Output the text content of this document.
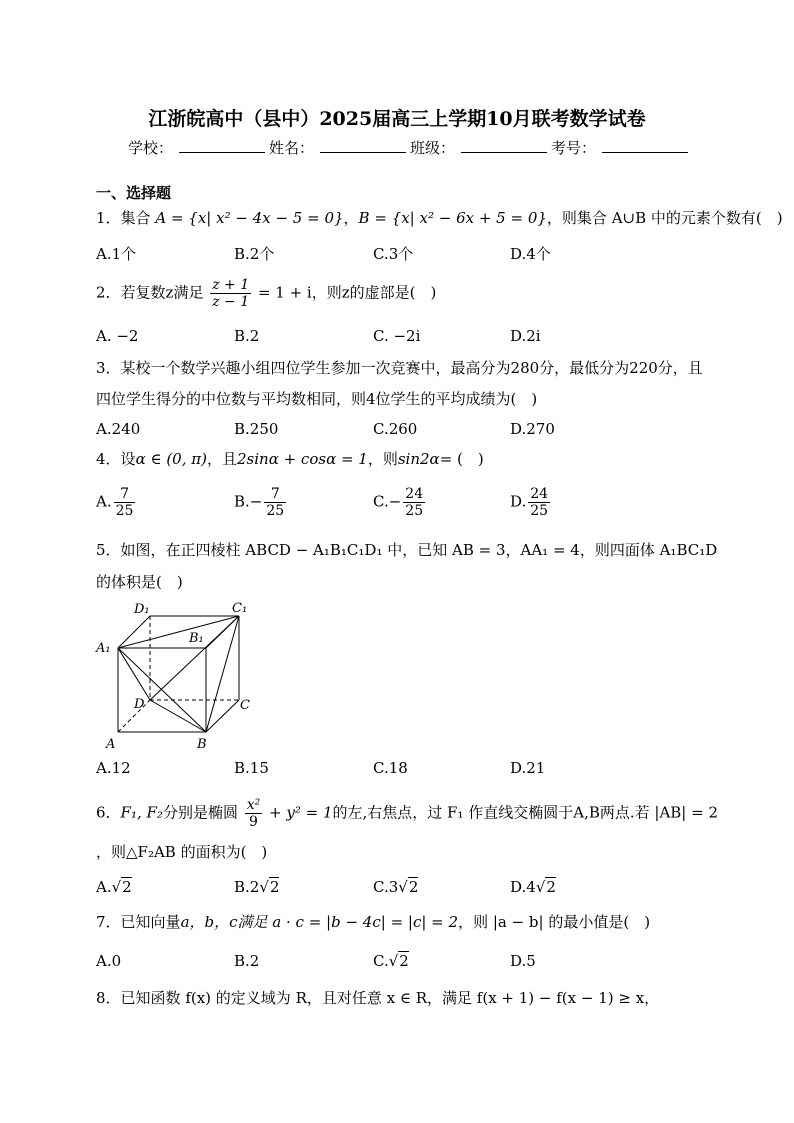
江浙皖高中（县中）2025届高三上学期10月联考数学试卷
学校：	姓名：	班级：	考号：
一、选择题
1．集合 A = {x| x² − 4x − 5 = 0}，B = {x| x² − 6x + 5 = 0}，则集合 A∪B 中的元素个数有(　)
A.1个	B.2个	C.3个	D.4个
2．若复数z满足 $\frac{z + 1}{z - 1} = 1 + i$，则z的虚部是(　)
A. −2	B.2	C. −2i	D.2i
3．某校一个数学兴趣小组四位学生参加一次竞赛中，最高分为280分，最低分为220分，且
四位学生得分的中位数与平均数相同，则4位学生的平均成绩为(　)
A.240	B.250	C.260	D.270
4．设α ∈ (0, π)，且2sinα + cosα = 1，则sin2α= (　)
A. $\frac{7}{25}$	$B.- \frac{7}{25}$	$C.- \frac{24}{25}$	D. $\frac{24}{25}$
5．如图，在正四棱柱 ABCD − A₁B₁C₁D₁ 中，已知 AB = 3，AA₁ = 4，则四面体 A₁BC₁D
的体积是(　)
D₁	C₁
B₁
A₁
D	C
A	B
A.12	B.15	C.18	D.21
6．F₁, F₂分别是椭圆 $\frac{\text{x²}}{9} + y^2 = 1$的左,右焦点，过 F₁ 作直线交椭圆于A,B两点.若 |AB| = 2
，则△F₂AB 的面积为(　)
A.√2	B.2√2	C.3√2	D.4√2
7．已知向量a，b，c满足 a · c = |b − 4c| = |c| = 2，则 |a − b| 的最小值是(　)
A.0	B.2	C.√2	D.5
8．已知函数 f(x) 的定义域为 R，且对任意 x ∈ R，满足 f(x + 1) − f(x − 1) ≥ x，
